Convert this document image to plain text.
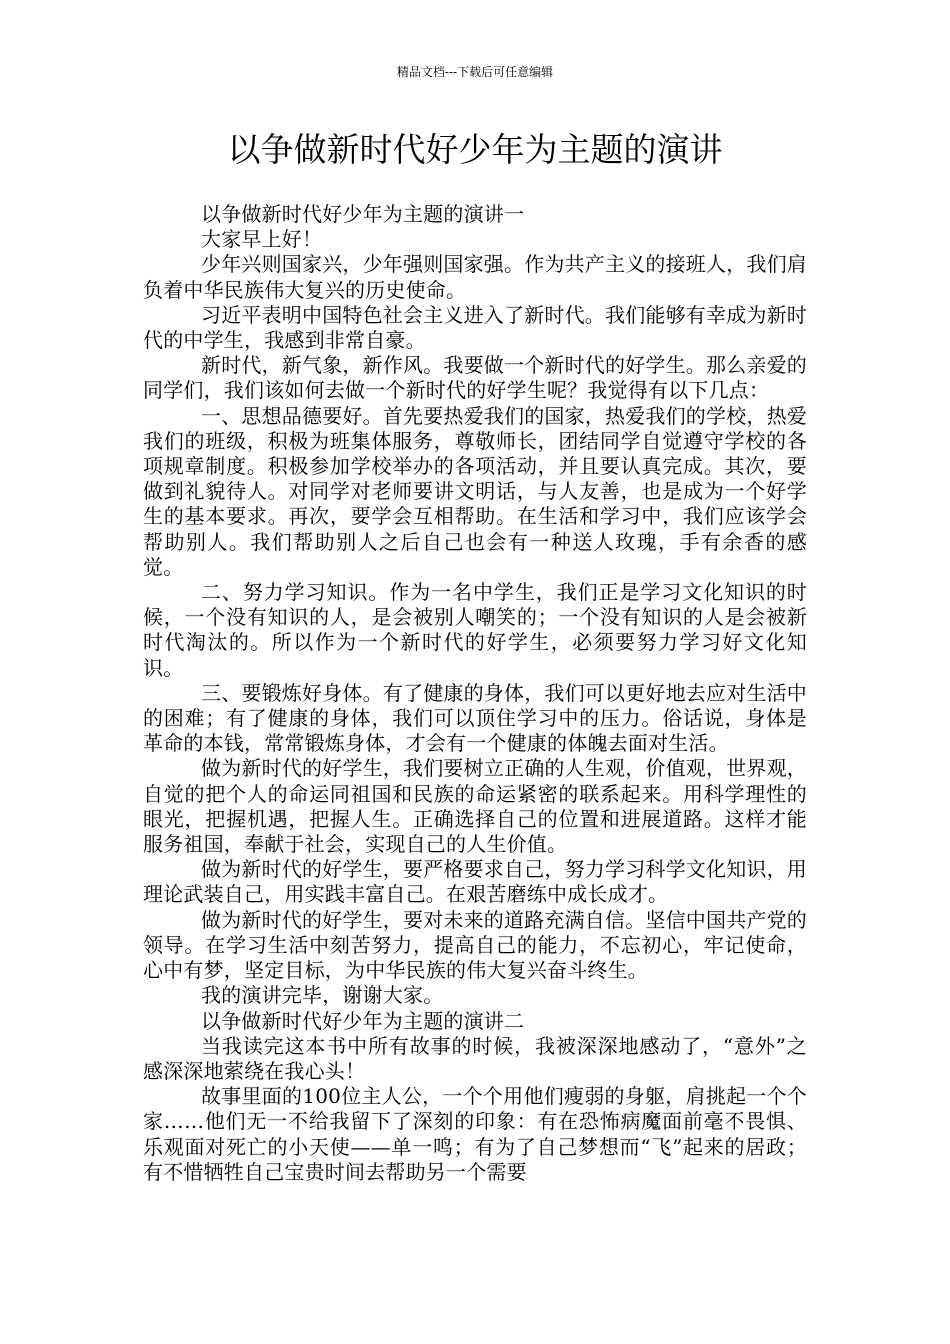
精品文档---下载后可任意编辑
以争做新时代好少年为主题的演讲

以争做新时代好少年为主题的演讲一

大家早上好！

少年兴则国家兴，少年强则国家强。作为共产主义的接班人，我们肩负着中华民族伟大复兴的历史使命。

习近平表明中国特色社会主义进入了新时代。我们能够有幸成为新时代的中学生，我感到非常自豪。

新时代，新气象，新作风。我要做一个新时代的好学生。那么亲爱的同学们，我们该如何去做一个新时代的好学生呢？我觉得有以下几点：

一、思想品德要好。首先要热爱我们的国家，热爱我们的学校，热爱我们的班级，积极为班集体服务，尊敬师长，团结同学自觉遵守学校的各项规章制度。积极参加学校举办的各项活动，并且要认真完成。其次，要做到礼貌待人。对同学对老师要讲文明话，与人友善，也是成为一个好学生的基本要求。再次，要学会互相帮助。在生活和学习中，我们应该学会帮助别人。我们帮助别人之后自己也会有一种送人玫瑰，手有余香的感觉。

二、努力学习知识。作为一名中学生，我们正是学习文化知识的时候，一个没有知识的人，是会被别人嘲笑的；一个没有知识的人是会被新时代淘汰的。所以作为一个新时代的好学生，必须要努力学习好文化知识。

三、要锻炼好身体。有了健康的身体，我们可以更好地去应对生活中的困难；有了健康的身体，我们可以顶住学习中的压力。俗话说，身体是革命的本钱，常常锻炼身体，才会有一个健康的体魄去面对生活。

做为新时代的好学生，我们要树立正确的人生观，价值观，世界观，自觉的把个人的命运同祖国和民族的命运紧密的联系起来。用科学理性的眼光，把握机遇，把握人生。正确选择自己的位置和进展道路。这样才能服务祖国，奉献于社会，实现自己的人生价值。

做为新时代的好学生，要严格要求自己，努力学习科学文化知识，用理论武装自己，用实践丰富自己。在艰苦磨练中成长成才。

做为新时代的好学生，要对未来的道路充满自信。坚信中国共产党的领导。在学习生活中刻苦努力，提高自己的能力，不忘初心，牢记使命，心中有梦，坚定目标，为中华民族的伟大复兴奋斗终生。

我的演讲完毕，谢谢大家。

以争做新时代好少年为主题的演讲二

当我读完这本书中所有故事的时候，我被深深地感动了，“意外”之感深深地萦绕在我心头！

故事里面的100位主人公，一个个用他们瘦弱的身躯，肩挑起一个个家……他们无一不给我留下了深刻的印象：有在恐怖病魔面前毫不畏惧、乐观面对死亡的小天使——单一鸣；有为了自己梦想而“飞”起来的居政；有不惜牺牲自己宝贵时间去帮助另一个需要
